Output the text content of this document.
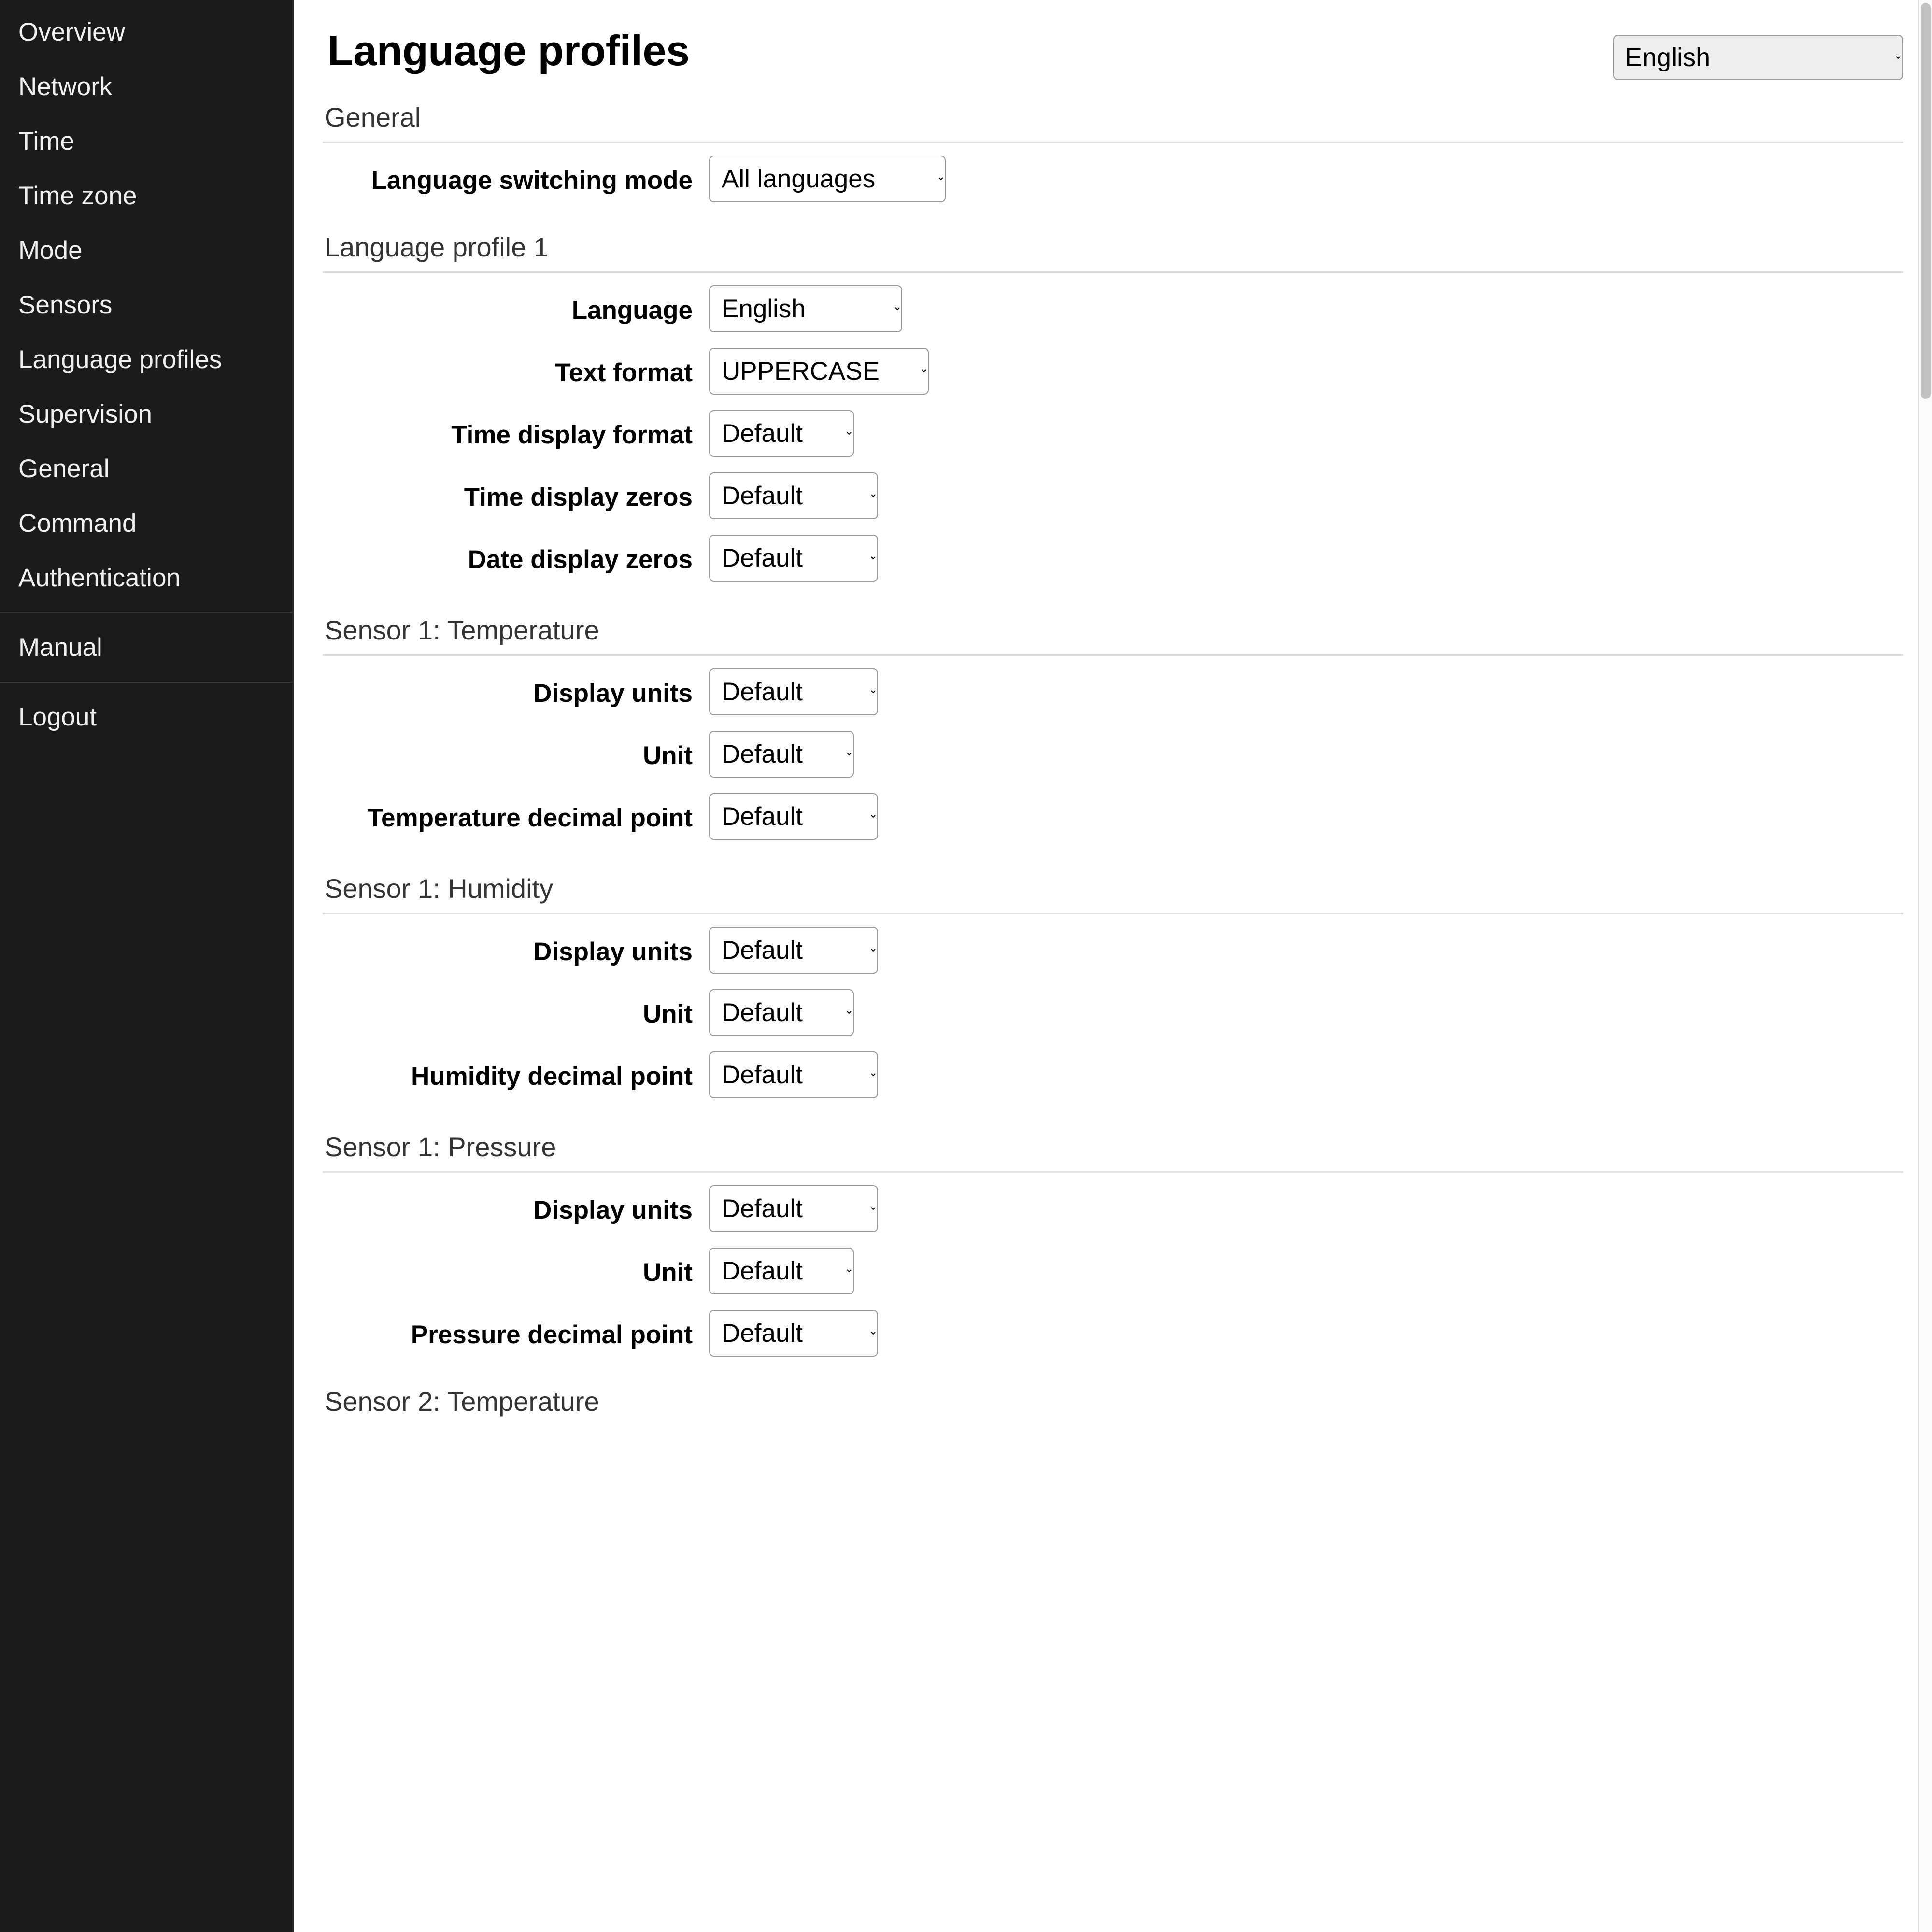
Overview
Network
Time
Time zone
Mode
Sensors
Language profiles
Supervision
General
Command
Authentication
Manual
Logout
Language profiles
English
General
Language switching mode
All languages
Language profile 1
Language
English
Text format
UPPERCASE
Time display format
Default
Time display zeros
Default
Date display zeros
Default
Sensor 1: Temperature
Display units
Default
Unit
Default
Temperature decimal point
Default
Sensor 1: Humidity
Display units
Default
Unit
Default
Humidity decimal point
Default
Sensor 1: Pressure
Display units
Default
Unit
Default
Pressure decimal point
Default
Sensor 2: Temperature
